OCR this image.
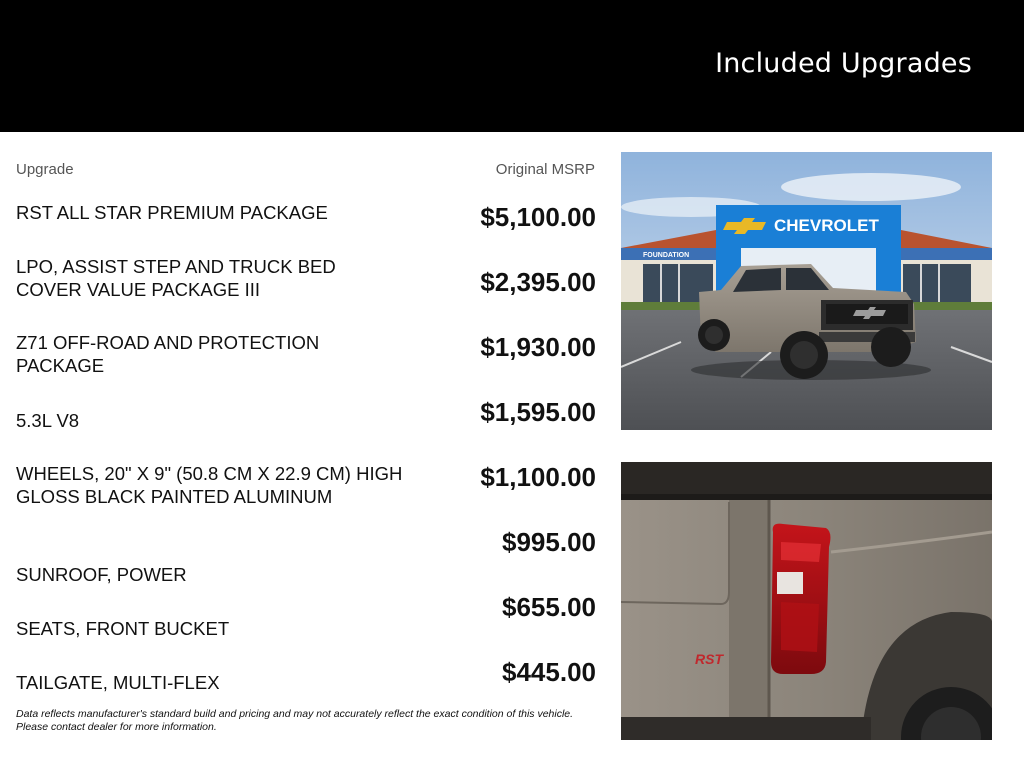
Included Upgrades
Upgrade	Original MSRP
RST ALL STAR PREMIUM PACKAGE
LPO, ASSIST STEP AND TRUCK BED COVER VALUE PACKAGE III
Z71 OFF-ROAD AND PROTECTION PACKAGE
5.3L V8
WHEELS, 20" X 9" (50.8 CM X 22.9 CM) HIGH GLOSS BLACK PAINTED ALUMINUM
SUNROOF, POWER
SEATS, FRONT BUCKET
TAILGATE, MULTI-FLEX
$5,100.00
$2,395.00
$1,930.00
$1,595.00
$1,100.00
$995.00
$655.00
$445.00
Data reflects manufacturer's standard build and pricing and may not accurately reflect the exact condition of this vehicle.
Please contact dealer for more information.
CHEVROLET
FOUNDATION
RST
